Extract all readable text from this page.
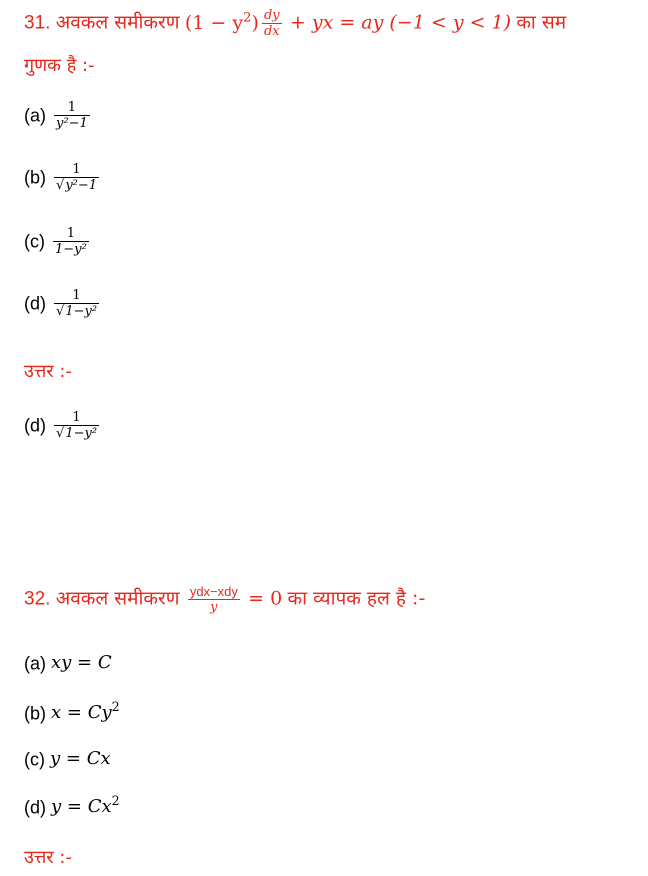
31. अवकल समीकरण $(1 - y^2) \frac{dy}{dx}$ + yx = ay (−1 < y < 1) का सम
गुणक है :-
$(a) \frac{1}{\text{y²−1}}$
$(b) \frac{1}{\text{√y²−1}}$
$(c) \frac{1}{\text{1−y²}}$
$(d) \frac{1}{\text{√1−y²}}$
उत्तर :-
$(d) \frac{1}{\text{√1−y²}}$
32. अवकल समीकरण $\frac{\text{ydx−xdy}}{y} = 0$ का व्यापक हल है :-
(a) xy = C
(b) $x = Cy^2$
(c) y = Cx
(d) $y = Cx^2$
उत्तर :-
